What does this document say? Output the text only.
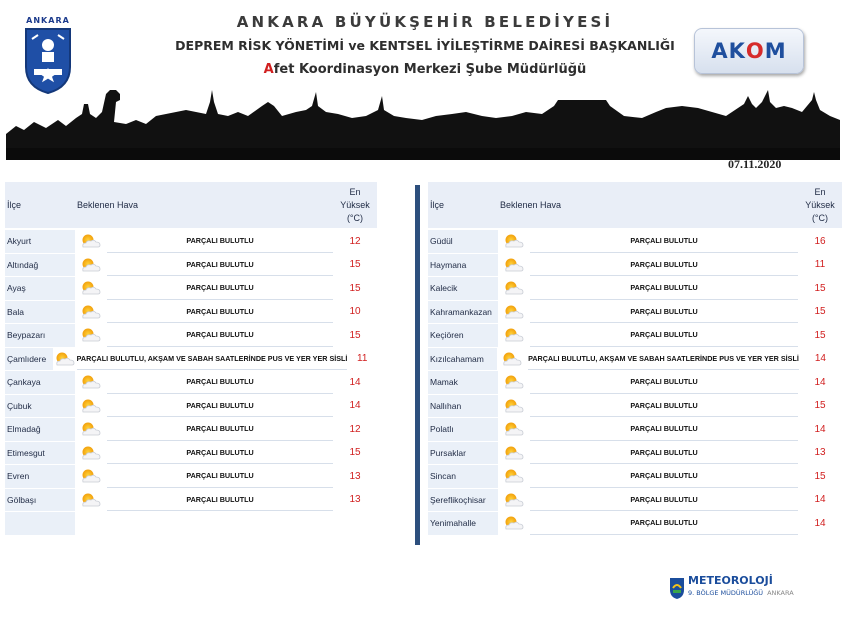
ANKARA	ANKARA BÜYÜKŞEHİR BELEDİYESİ
DEPREM RİSK YÖNETİMİ ve KENTSEL İYİLEŞTİRME DAİRESİ BAŞKANLIĞI
Afet Koordinasyon Merkezi Şube Müdürlüğü
AKOM
07.11.2020
İlçe	Beklenen Hava
En
Yüksek
(°C)
Akyurt	PARÇALI BULUTLU	12
Altındağ	PARÇALI BULUTLU	15
Ayaş	PARÇALI BULUTLU	15
Bala	PARÇALI BULUTLU	10
Beypazarı	PARÇALI BULUTLU	15
Çamlıdere	PARÇALI BULUTLU, AKŞAM VE SABAH SAATLERİNDE PUS VE YER YER SİSLİ 11
Çankaya	PARÇALI BULUTLU	14
Çubuk	PARÇALI BULUTLU	14
Elmadağ	PARÇALI BULUTLU	12
Etimesgut	PARÇALI BULUTLU	15
Evren	PARÇALI BULUTLU	13
Gölbaşı	PARÇALI BULUTLU	13
İlçe	Beklenen Hava
En
Yüksek
(°C)
Güdül	PARÇALI BULUTLU	16
Haymana	PARÇALI BULUTLU	11
Kalecik	PARÇALI BULUTLU	15
Kahramankazan	PARÇALI BULUTLU	15
Keçiören	PARÇALI BULUTLU	15
Kızılcahamam	PARÇALI BULUTLU, AKŞAM VE SABAH SAATLERİNDE PUS VE YER YER SİSLİ	14
Mamak	PARÇALI BULUTLU	14
Nallıhan	PARÇALI BULUTLU	15
Polatlı	PARÇALI BULUTLU	14
Pursaklar	PARÇALI BULUTLU	13
Sincan	PARÇALI BULUTLU	15
Şereflikoçhisar	PARÇALI BULUTLU	14
Yenimahalle	PARÇALI BULUTLU	14
METEOROLOJİ
9. BÖLGE MÜDÜRLÜĞÜ ANKARA
